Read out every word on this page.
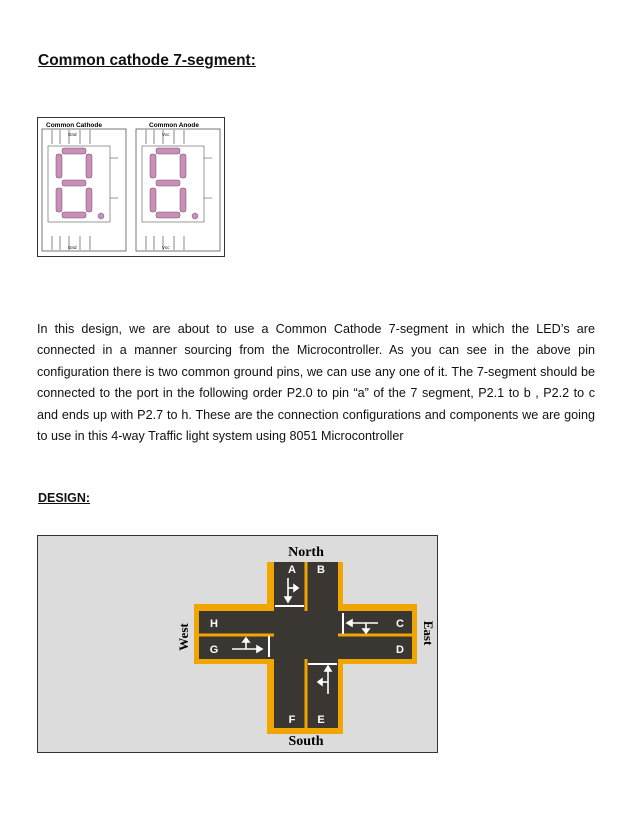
Common cathode 7-segment:
Common Cathode	Common Anode
Gnd
Gnd
Vcc
Vcc

In this design, we are about to use a Common Cathode 7-segment in which the LED’s are connected in a manner sourcing from the Microcontroller. As you can see in the above pin configuration there is two common ground pins, we can use any one of it. The 7-segment should be connected to the port in the following order P2.0 to pin “a” of the 7 segment, P2.1 to b , P2.2 to c and ends up with P2.7 to h. These are the connection configurations and components we are going to use in this 4-way Traffic light system using 8051 Microcontroller

DESIGN:
North
South
East
West
A B
C
D
E
F
G
H
